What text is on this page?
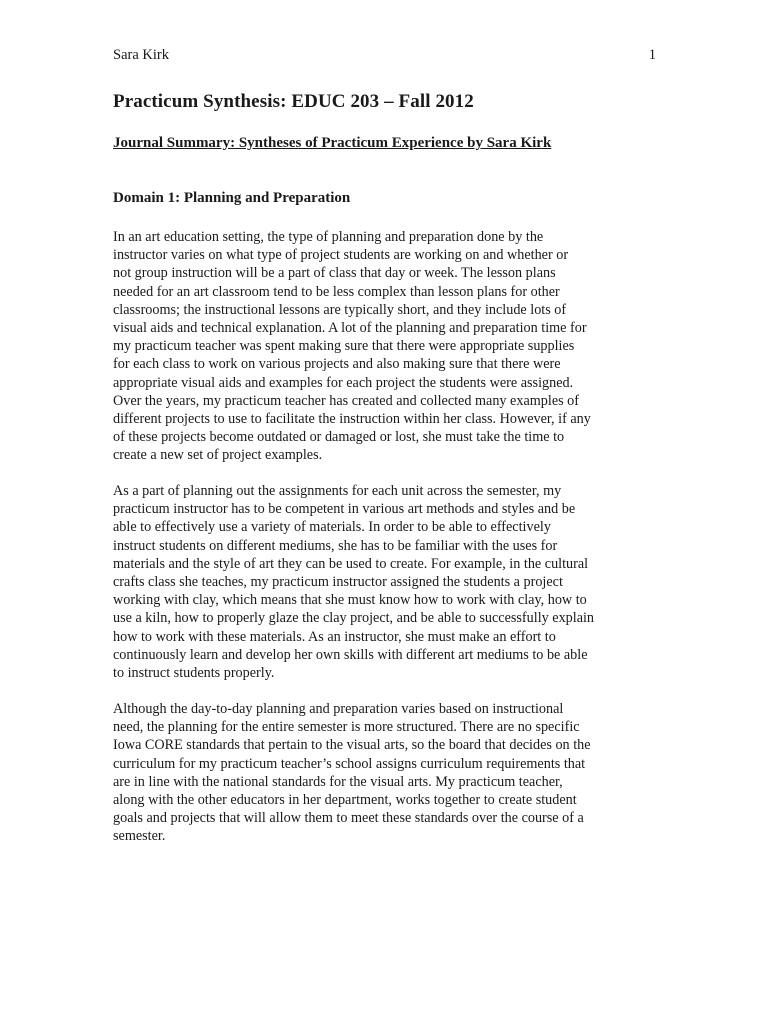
Sara Kirk	1
Practicum Synthesis: EDUC 203 – Fall 2012
Journal Summary: Syntheses of Practicum Experience by Sara Kirk
Domain 1: Planning and Preparation

In an art education setting, the type of planning and preparation done by the
instructor varies on what type of project students are working on and whether or
not group instruction will be a part of class that day or week. The lesson plans
needed for an art classroom tend to be less complex than lesson plans for other
classrooms; the instructional lessons are typically short, and they include lots of
visual aids and technical explanation. A lot of the planning and preparation time for
my practicum teacher was spent making sure that there were appropriate supplies
for each class to work on various projects and also making sure that there were
appropriate visual aids and examples for each project the students were assigned.
Over the years, my practicum teacher has created and collected many examples of
different projects to use to facilitate the instruction within her class. However, if any
of these projects become outdated or damaged or lost, she must take the time to
create a new set of project examples.

As a part of planning out the assignments for each unit across the semester, my
practicum instructor has to be competent in various art methods and styles and be
able to effectively use a variety of materials. In order to be able to effectively
instruct students on different mediums, she has to be familiar with the uses for
materials and the style of art they can be used to create. For example, in the cultural
crafts class she teaches, my practicum instructor assigned the students a project
working with clay, which means that she must know how to work with clay, how to
use a kiln, how to properly glaze the clay project, and be able to successfully explain
how to work with these materials. As an instructor, she must make an effort to
continuously learn and develop her own skills with different art mediums to be able
to instruct students properly.

Although the day-to-day planning and preparation varies based on instructional
need, the planning for the entire semester is more structured. There are no specific
Iowa CORE standards that pertain to the visual arts, so the board that decides on the
curriculum for my practicum teacher’s school assigns curriculum requirements that
are in line with the national standards for the visual arts. My practicum teacher,
along with the other educators in her department, works together to create student
goals and projects that will allow them to meet these standards over the course of a
semester.
